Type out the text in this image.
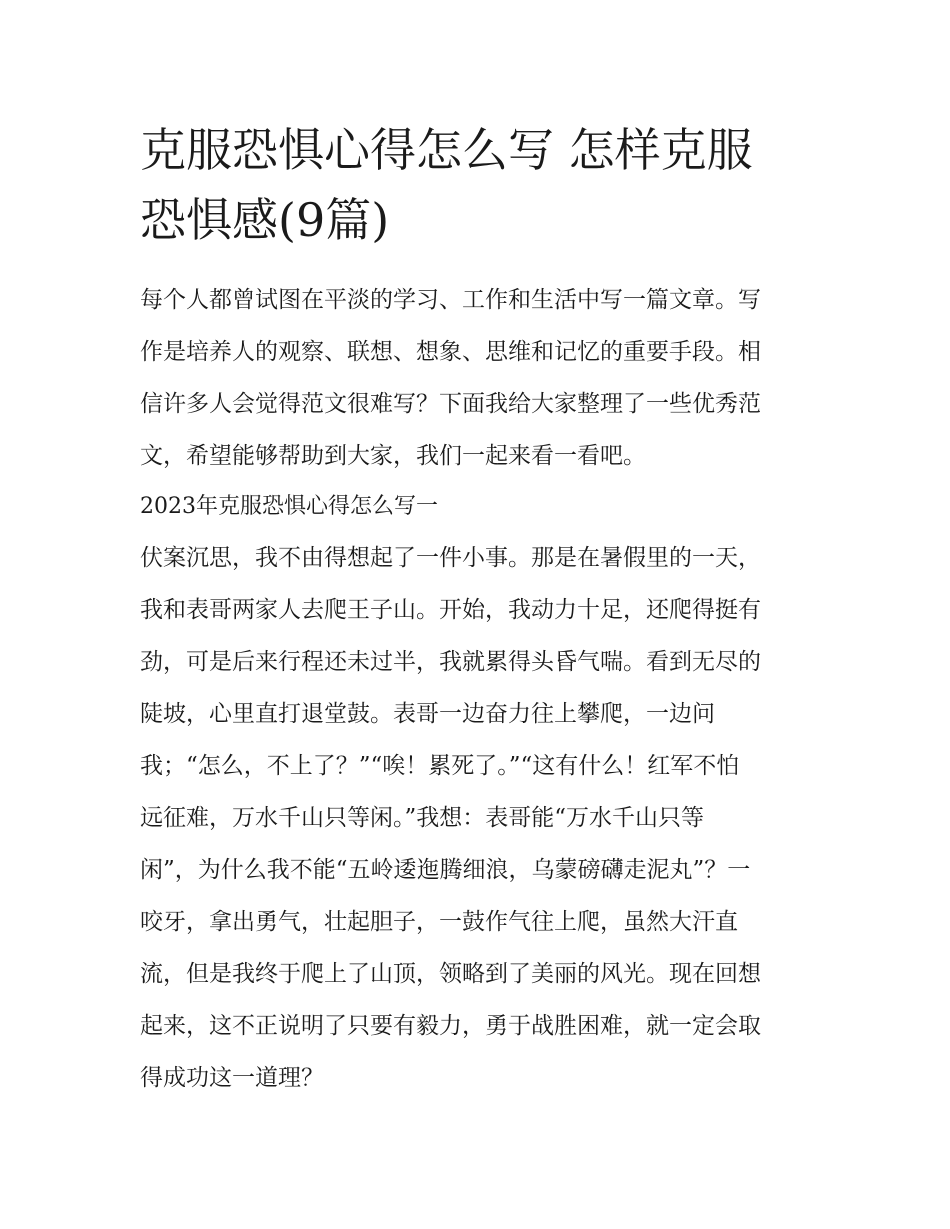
克服恐惧心得怎么写 怎样克服
恐惧感(9篇)
每个人都曾试图在平淡的学习、工作和生活中写一篇文章。写
作是培养人的观察、联想、想象、思维和记忆的重要手段。相
信许多人会觉得范文很难写？下面我给大家整理了一些优秀范
文，希望能够帮助到大家，我们一起来看一看吧。
2023年克服恐惧心得怎么写一
伏案沉思，我不由得想起了一件小事。那是在暑假里的一天，
我和表哥两家人去爬王子山。开始，我动力十足，还爬得挺有
劲，可是后来行程还未过半，我就累得头昏气喘。看到无尽的
陡坡，心里直打退堂鼓。表哥一边奋力往上攀爬，一边问
我；“怎么，不上了？”“唉！累死了。”“这有什么！红军不怕
远征难，万水千山只等闲。”我想：表哥能“万水千山只等
闲”，为什么我不能“五岭逶迤腾细浪，乌蒙磅礴走泥丸”？一
咬牙，拿出勇气，壮起胆子，一鼓作气往上爬，虽然大汗直
流，但是我终于爬上了山顶，领略到了美丽的风光。现在回想
起来，这不正说明了只要有毅力，勇于战胜困难，就一定会取
得成功这一道理？
